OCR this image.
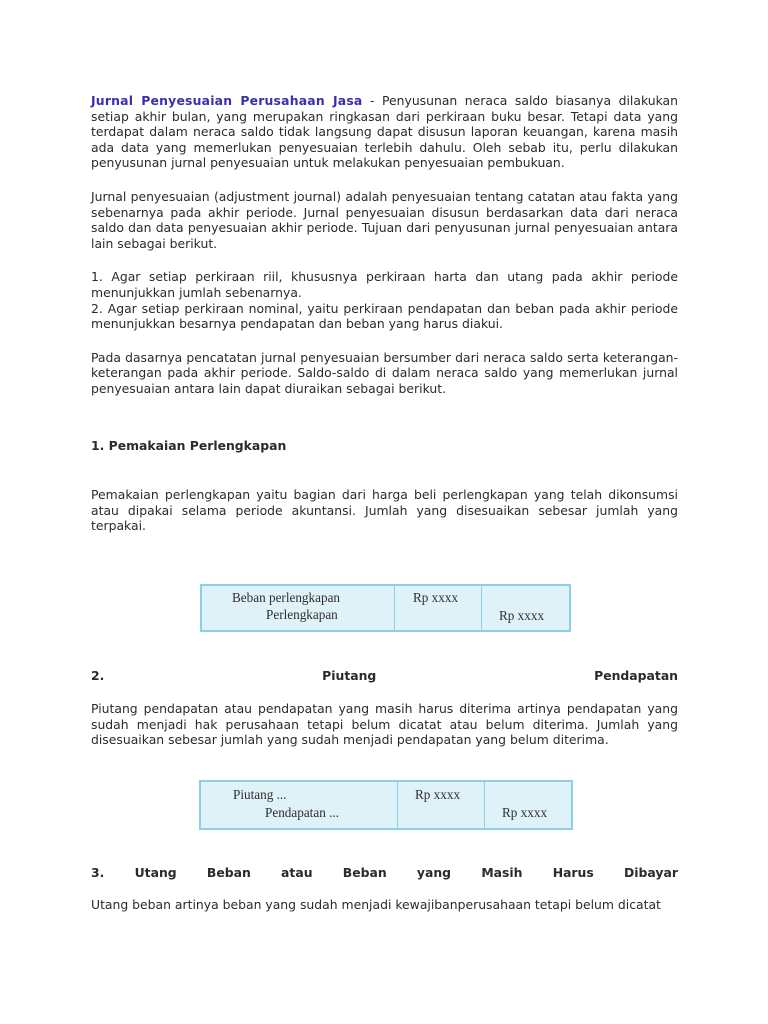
Jurnal Penyesuaian Perusahaan Jasa - Penyusunan neraca saldo biasanya dilakukan setiap akhir bulan, yang merupakan ringkasan dari perkiraan buku besar. Tetapi data yang terdapat dalam neraca saldo tidak langsung dapat disusun laporan keuangan, karena masih ada data yang memerlukan penyesuaian terlebih dahulu. Oleh sebab itu, perlu dilakukan penyusunan jurnal penyesuaian untuk melakukan penyesuaian pembukuan.

Jurnal penyesuaian (adjustment journal) adalah penyesuaian tentang catatan atau fakta yang sebenarnya pada akhir periode. Jurnal penyesuaian disusun berdasarkan data dari neraca saldo dan data penyesuaian akhir periode. Tujuan dari penyusunan jurnal penyesuaian antara lain sebagai berikut.

1. Agar setiap perkiraan riil, khususnya perkiraan harta dan utang pada akhir periode menunjukkan jumlah sebenarnya.

2. Agar setiap perkiraan nominal, yaitu perkiraan pendapatan dan beban pada akhir periode menunjukkan besarnya pendapatan dan beban yang harus diakui.

Pada dasarnya pencatatan jurnal penyesuaian bersumber dari neraca saldo serta keterangan-keterangan pada akhir periode. Saldo-saldo di dalam neraca saldo yang memerlukan jurnal penyesuaian antara lain dapat diuraikan sebagai berikut.

1. Pemakaian Perlengkapan

Pemakaian perlengkapan yaitu bagian dari harga beli perlengkapan yang telah dikonsumsi atau dipakai selama periode akuntansi. Jumlah yang disesuaikan sebesar jumlah yang terpakai.

Beban perlengkapan
Perlengkapan
Rp xxxx
Rp xxxx
2.	Piutang	Pendapatan

Piutang pendapatan atau pendapatan yang masih harus diterima artinya pendapatan yang sudah menjadi hak perusahaan tetapi belum dicatat atau belum diterima. Jumlah yang disesuaikan sebesar jumlah yang sudah menjadi pendapatan yang belum diterima.

Piutang ...
Pendapatan ...
Rp xxxx
Rp xxxx
3. Utang Beban atau Beban yang Masih Harus Dibayar

Utang beban artinya beban yang sudah menjadi kewajibanperusahaan tetapi belum dicatat
